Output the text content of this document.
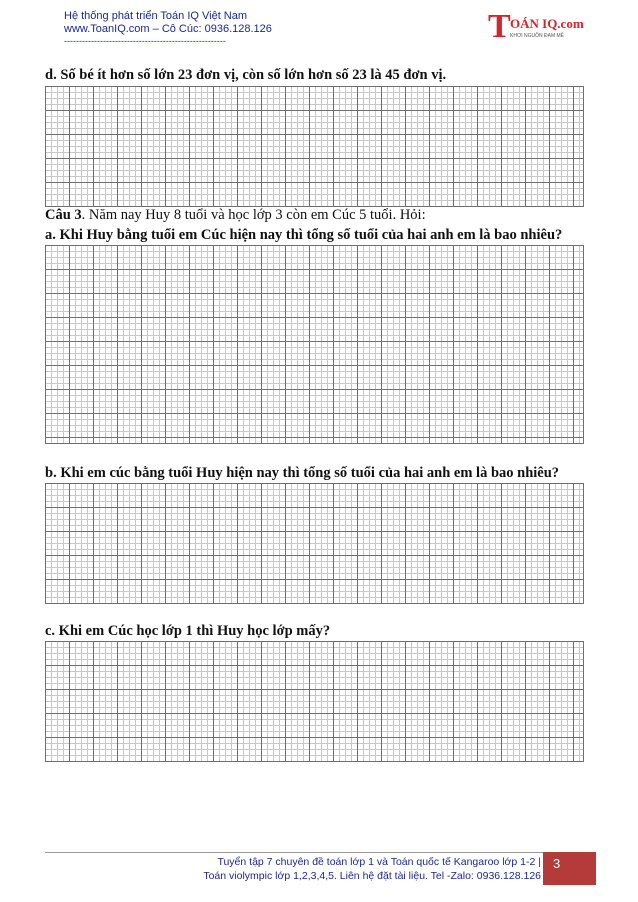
Hệ thống phát triển Toán IQ Việt Nam
www.ToanIQ.com – Cô Cúc: 0936.128.126
------------------------------------------------------	T OÁN IQ.com
KHƠI NGUỒN ĐAM MÊ
d. Số bé ít hơn số lớn 23 đơn vị, còn số lớn hơn số 23 là 45 đơn vị.
Câu 3. Năm nay Huy 8 tuổi và học lớp 3 còn em Cúc 5 tuổi. Hỏi:
a. Khi Huy bằng tuổi em Cúc hiện nay thì tổng số tuổi của hai anh em là bao nhiêu?
b. Khi em cúc bằng tuổi Huy hiện nay thì tổng số tuổi của hai anh em là bao nhiêu?
c. Khi em Cúc học lớp 1 thì Huy học lớp mấy?
Tuyển tập 7 chuyên đề toán lớp 1 và Toán quốc tế Kangaroo lớp 1-2 |
Toán violympic lớp 1,2,3,4,5. Liên hệ đặt tài liệu. Tel -Zalo: 0936.128.126
3
